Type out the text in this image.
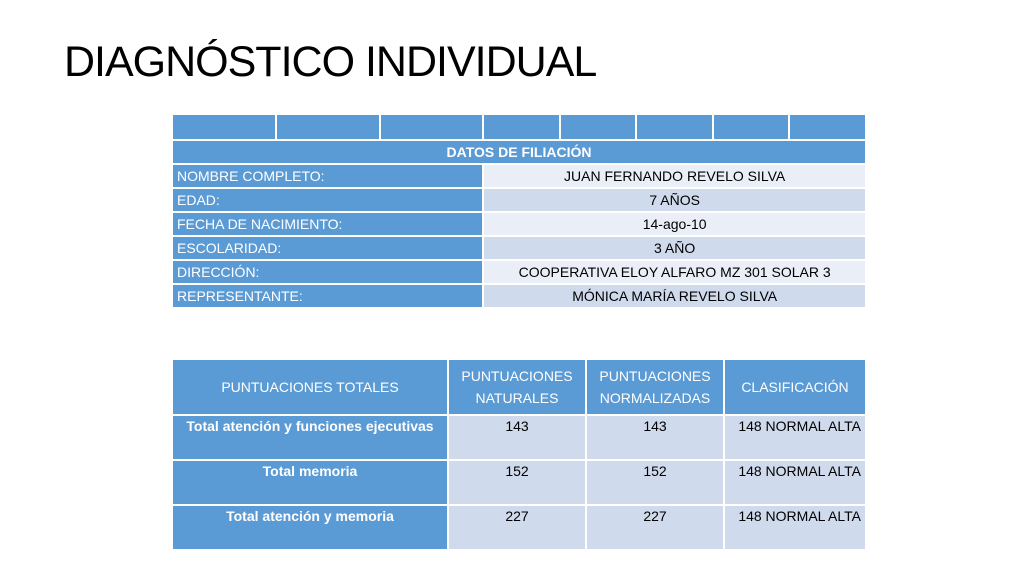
DIAGNÓSTICO INDIVIDUAL

DATOS DE FILIACIÓN							
NOMBRE COMPLETO:			JUAN FERNANDO REVELO SILVA				
EDAD:			7 AÑOS				
FECHA DE NACIMIENTO:			14-ago-10				
ESCOLARIDAD:			3 AÑO				
DIRECCIÓN:			COOPERATIVA ELOY ALFARO MZ 301 SOLAR 3				
REPRESENTANTE:			MÓNICA MARÍA REVELO SILVA				
PUNTUACIONES TOTALES	PUNTUACIONES NATURALES	PUNTUACIONES NORMALIZADAS	CLASIFICACIÓN
Total atención y funciones ejecutivas	143	143	148 NORMAL ALTA
Total memoria	152	152	148 NORMAL ALTA
Total atención y memoria	227	227	148 NORMAL ALTA
